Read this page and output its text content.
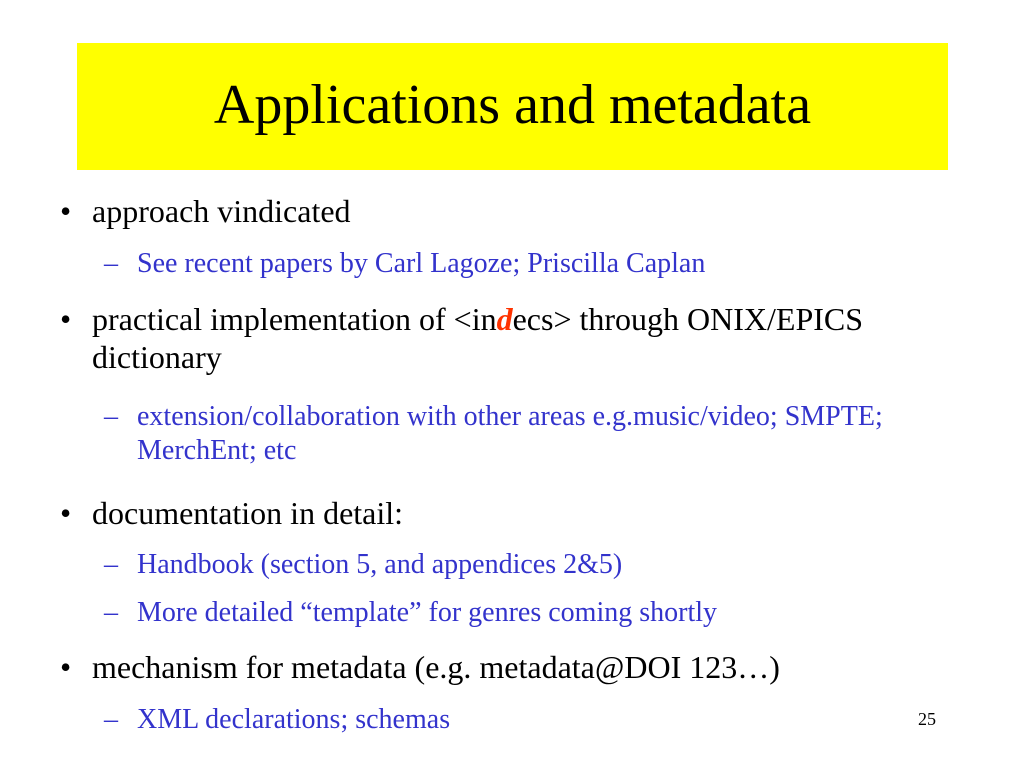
Applications and metadata
• approach vindicated
– See recent papers by Carl Lagoze; Priscilla Caplan
• practical implementation of <indecs> through ONIX/EPICS dictionary
– extension/collaboration with other areas e.g.music/video; SMPTE; MerchEnt; etc
• documentation in detail:
– Handbook (section 5, and appendices 2&5)
– More detailed “template” for genres coming shortly
• mechanism for metadata (e.g. metadata@DOI 123…)
– XML declarations; schemas	25
